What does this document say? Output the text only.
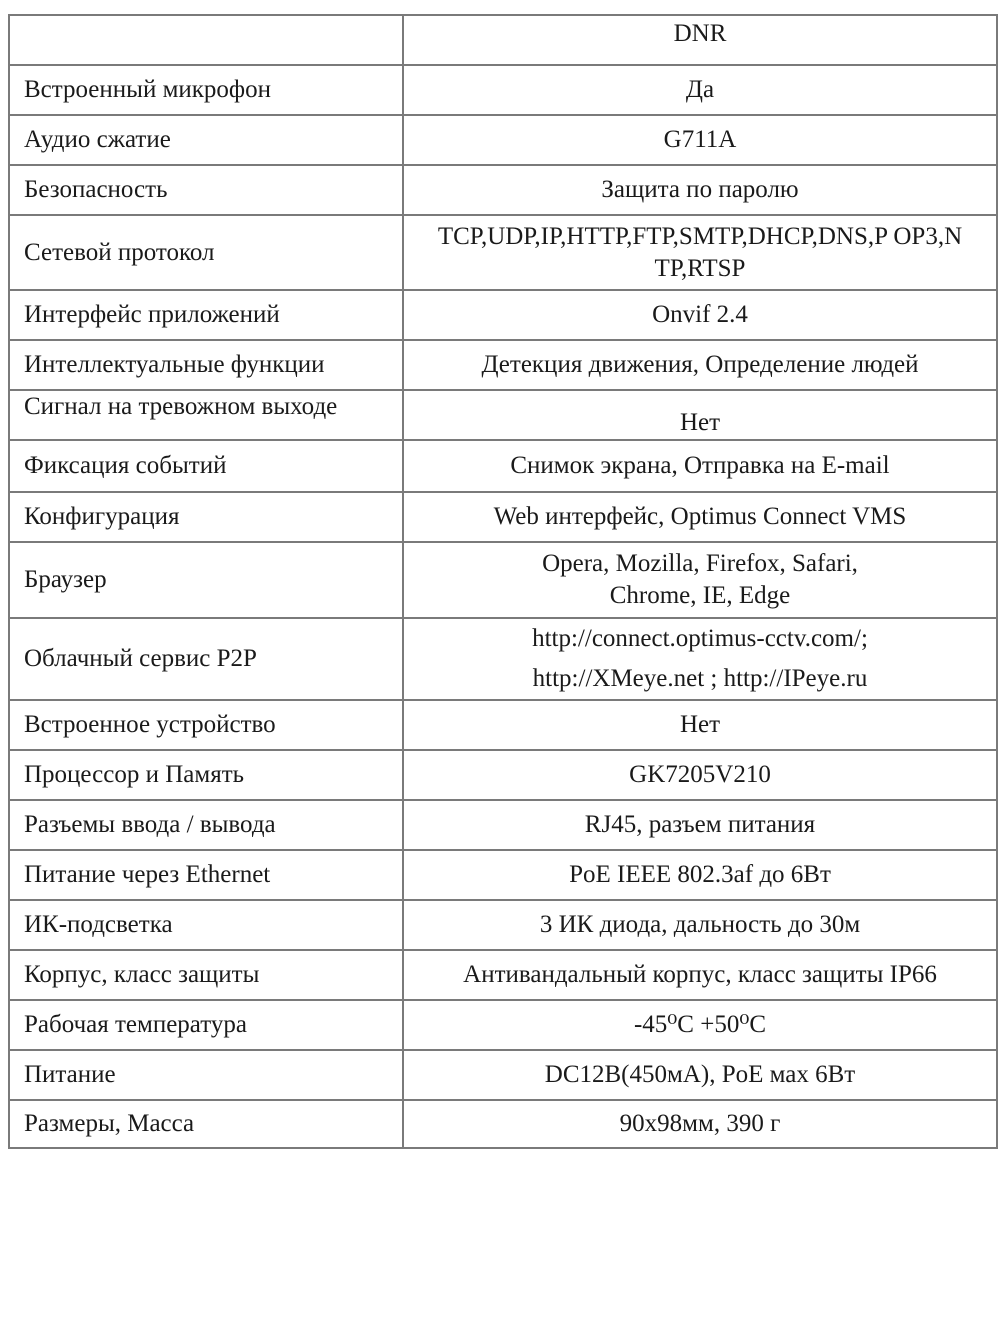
	DNR
Встроенный микрофон	Да
Аудио сжатие	G711A
Безопасность	Защита по паролю
Сетевой протокол	TCP,UDP,IP,HTTP,FTP,SMTP,DHCP,DNS,P OP3,NTP,RTSP
Интерфейс приложений	Onvif 2.4
Интеллектуальные функции	Детекция движения, Определение людей
Сигнал на тревожном выходе	Нет
Фиксация событий	Снимок экрана, Отправка на E-mail
Конфигурация	Web интерфейс, Optimus Connect VMS
Браузер	Opera, Mozilla, Firefox, Safari, Chrome, IE, Edge
Облачный сервис P2P	http://connect.optimus-cctv.com/; http://XMeye.net ; http://IPeye.ru
Встроенное устройство	Нет
Процессор и Память	GK7205V210
Разъемы ввода / вывода	RJ45, разъем питания
Питание через Ethernet	PoE IEEE 802.3af до 6Вт
ИК-подсветка	3 ИК диода, дальность до 30м
Корпус, класс защиты	Антивандальный корпус, класс защиты IP66
Рабочая температура	-45⁰C +50⁰C
Питание	DC12В(450мА), PoE мах 6Вт
Размеры, Масса	90х98мм, 390 г
